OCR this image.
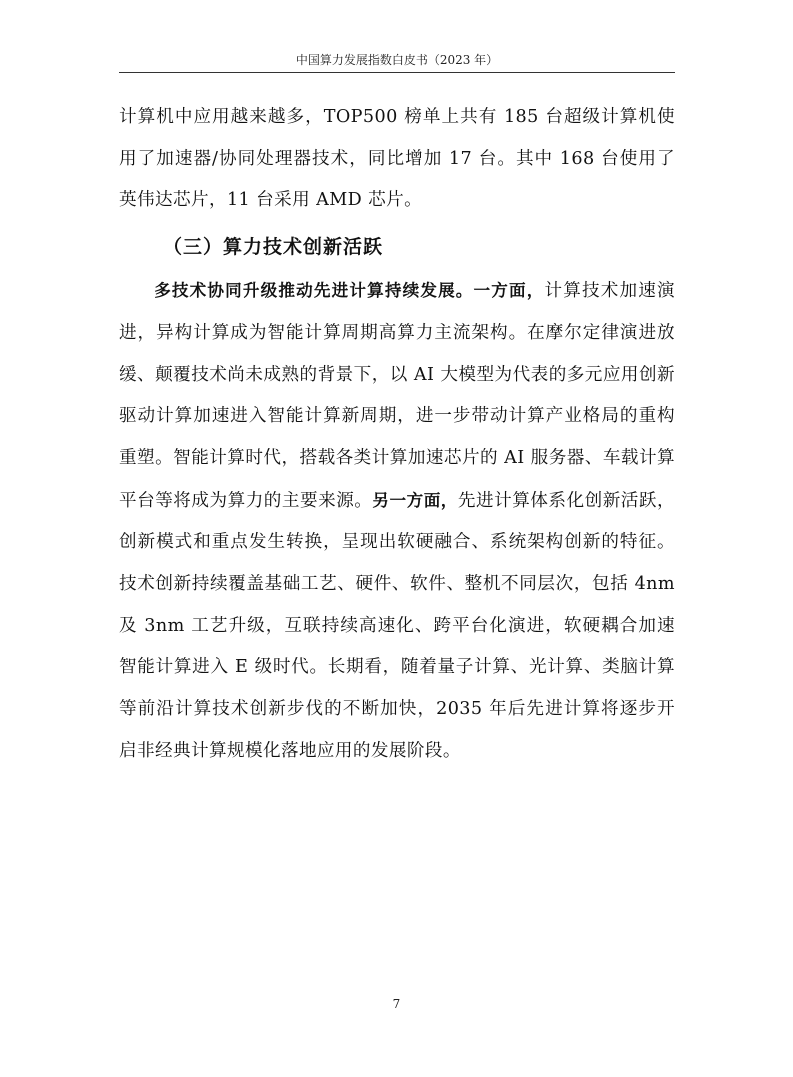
中国算力发展指数白皮书（2023 年）

计算机中应用越来越多，TOP500 榜单上共有 185 台超级计算机使用了加速器/协同处理器技术，同比增加 17 台。其中 168 台使用了英伟达芯片，11 台采用 AMD 芯片。

（三）算力技术创新活跃

多技术协同升级推动先进计算持续发展。一方面，计算技术加速演进，异构计算成为智能计算周期高算力主流架构。在摩尔定律演进放缓、颠覆技术尚未成熟的背景下，以 AI 大模型为代表的多元应用创新驱动计算加速进入智能计算新周期，进一步带动计算产业格局的重构重塑。智能计算时代，搭载各类计算加速芯片的 AI 服务器、车载计算平台等将成为算力的主要来源。另一方面，先进计算体系化创新活跃，创新模式和重点发生转换，呈现出软硬融合、系统架构创新的特征。技术创新持续覆盖基础工艺、硬件、软件、整机不同层次，包括 4nm 及 3nm 工艺升级，互联持续高速化、跨平台化演进，软硬耦合加速智能计算进入 E 级时代。长期看，随着量子计算、光计算、类脑计算等前沿计算技术创新步伐的不断加快，2035 年后先进计算将逐步开启非经典计算规模化落地应用的发展阶段。

7
